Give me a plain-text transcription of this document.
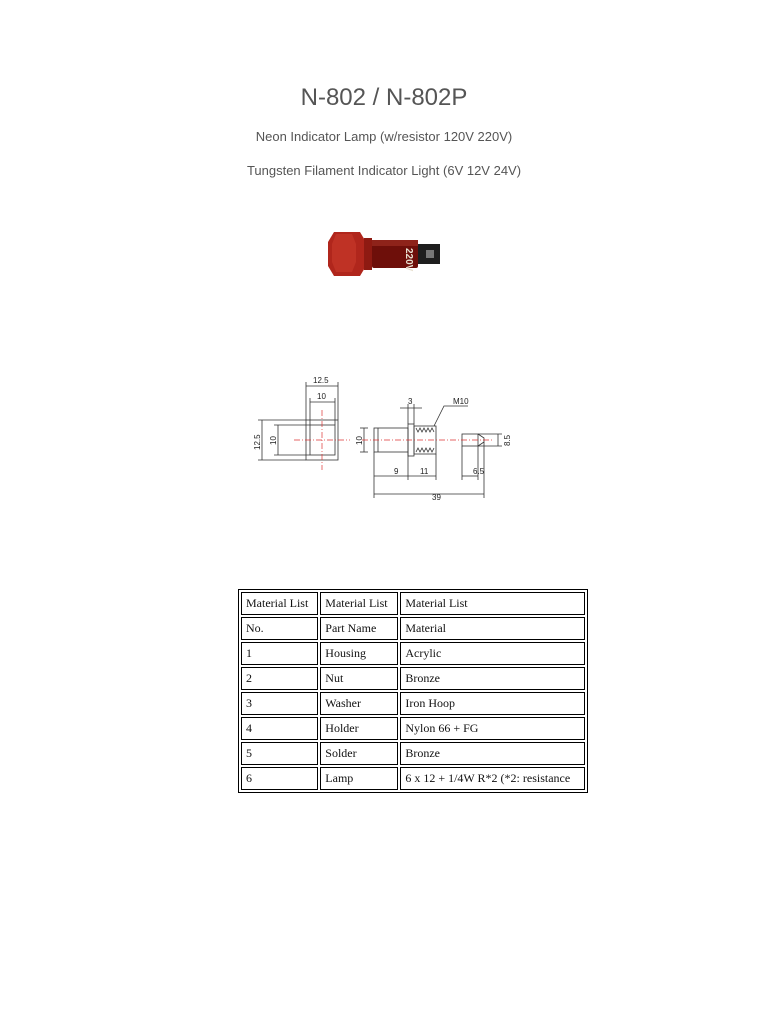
N-802 / N-802P
Neon Indicator Lamp (w/resistor 120V 220V)
Tungsten Filament Indicator Light (6V 12V 24V)
220V
12.5
10
12.5 10	10
3	M10
8.5
9	11	6.5
39
Material List	Material List	Material List
No.	Part Name	Material
1	Housing	Acrylic
2	Nut	Bronze
3	Washer	Iron Hoop
4	Holder	Nylon 66 + FG
5	Solder	Bronze
6	Lamp	6 x 12 + 1/4W R*2 (*2: resistance
